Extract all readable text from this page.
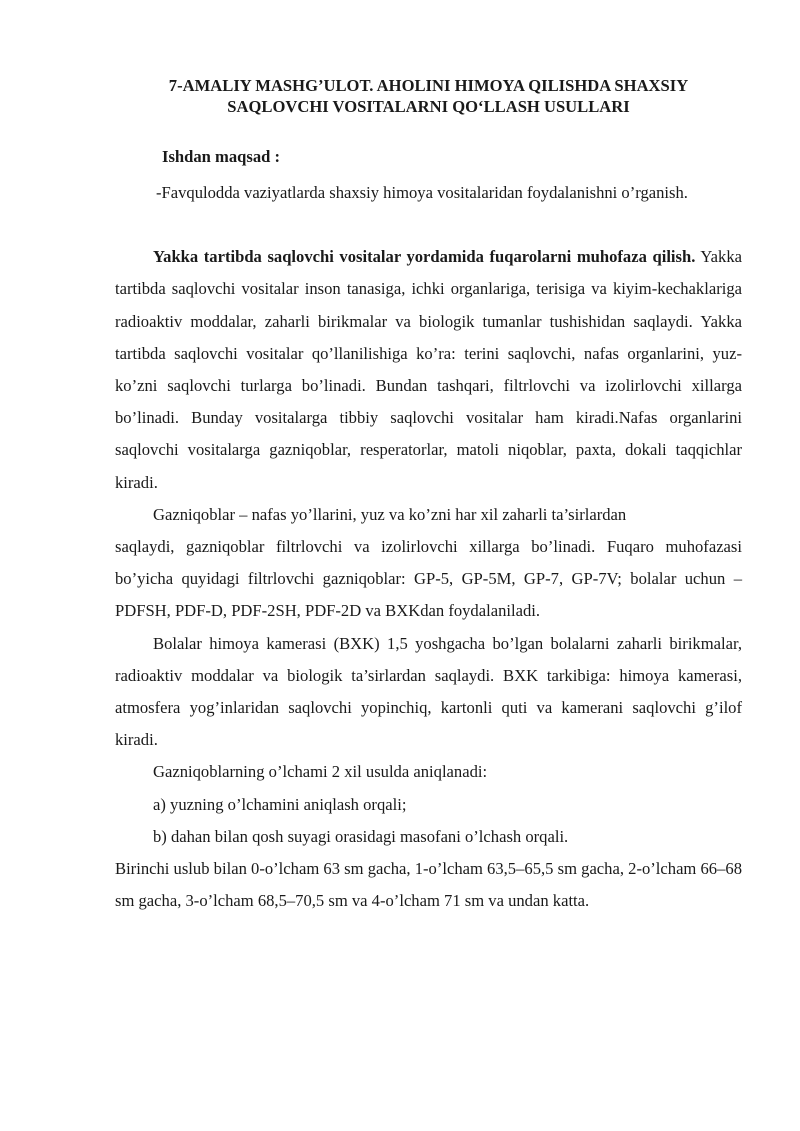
7-AMALIY MASHG’ULOT. AHOLINI HIMOYA QILISHDA SHAXSIY
SAQLOVCHI VOSITALARNI QO‘LLASH USULLARI

Ishdan maqsad :

-Favqulodda vaziyatlarda shaxsiy himoya vositalaridan foydalanishni o’rganish.

Yakka tartibda saqlovchi vositalar yordamida fuqarolarni muhofaza qilish. Yakka tartibda saqlovchi vositalar inson tanasiga, ichki organlariga, terisiga va kiyim-kechaklariga radioaktiv moddalar, zaharli birikmalar va biologik tumanlar tushishidan saqlaydi. Yakka tartibda saqlovchi vositalar qo’llanilishiga ko’ra: terini saqlovchi, nafas organlarini, yuz-ko’zni saqlovchi turlarga bo’linadi. Bundan tashqari, filtrlovchi va izolirlovchi xillarga bo’linadi. Bunday vositalarga tibbiy saqlovchi vositalar ham kiradi.Nafas organlarini saqlovchi vositalarga gazniqoblar, resperatorlar, matoli niqoblar, paxta, dokali taqqichlar kiradi.

Gazniqoblar – nafas yo’llarini, yuz va ko’zni har xil zaharli ta’sirlardan

saqlaydi, gazniqoblar filtrlovchi va izolirlovchi xillarga bo’linadi. Fuqaro muhofazasi bo’yicha quyidagi filtrlovchi gazniqoblar: GP-5, GP-5M, GP-7, GP-7V; bolalar uchun – PDFSH, PDF-D, PDF-2SH, PDF-2D va BXKdan foydalaniladi.

Bolalar himoya kamerasi (BXK) 1,5 yoshgacha bo’lgan bolalarni zaharli birikmalar, radioaktiv moddalar va biologik ta’sirlardan saqlaydi. BXK tarkibiga: himoya kamerasi, atmosfera yog’inlaridan saqlovchi yopinchiq, kartonli quti va kamerani saqlovchi g’ilof kiradi.

Gazniqoblarning o’lchami 2 xil usulda aniqlanadi:

a) yuzning o’lchamini aniqlash orqali;

b) dahan bilan qosh suyagi orasidagi masofani o’lchash orqali.

Birinchi uslub bilan 0-o’lcham 63 sm gacha, 1-o’lcham 63,5–65,5 sm gacha, 2-o’lcham 66–68 sm gacha, 3-o’lcham 68,5–70,5 sm va 4-o’lcham 71 sm va undan katta.
